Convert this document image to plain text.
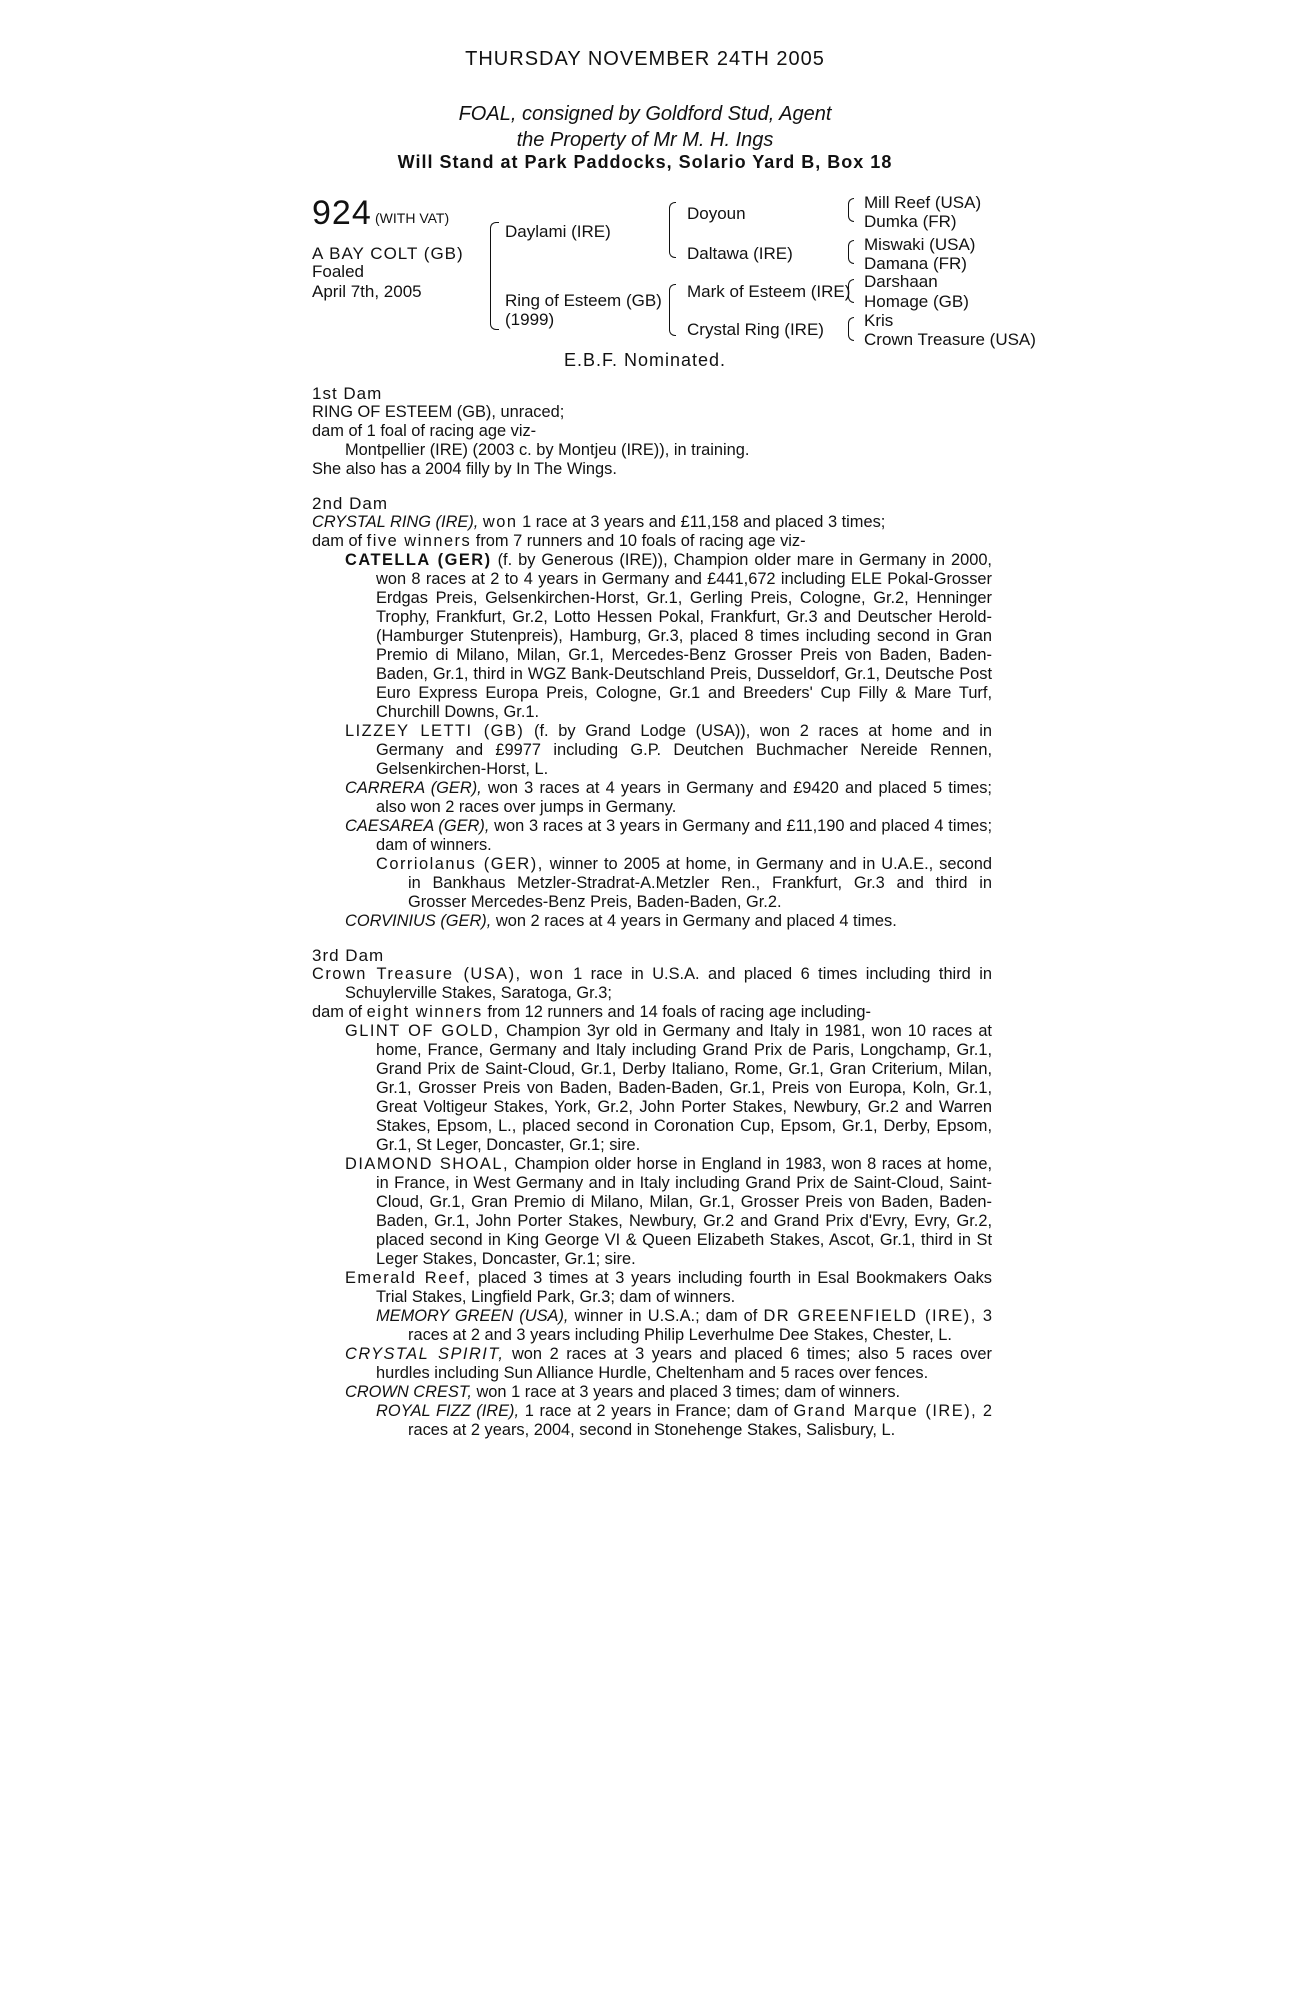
THURSDAY NOVEMBER 24TH 2005
FOAL, consigned by Goldford Stud, Agent
the Property of Mr M. H. Ings
Will Stand at Park Paddocks, Solario Yard B, Box 18
924 (WITH VAT)
A BAY COLT (GB)
Foaled
April 7th, 2005
Daylami (IRE)
Ring of Esteem (GB)
(1999)
Doyoun
Daltawa (IRE)
Mark of Esteem (IRE)
Crystal Ring (IRE)
Mill Reef (USA)
Dumka (FR)
Miswaki (USA)
Damana (FR)
Darshaan
Homage (GB)
Kris
Crown Treasure (USA)
E.B.F. Nominated.

1st Dam

RING OF ESTEEM (GB), unraced;

dam of 1 foal of racing age viz-

Montpellier (IRE) (2003 c. by Montjeu (IRE)), in training.

She also has a 2004 filly by In The Wings.

2nd Dam

CRYSTAL RING (IRE), won 1 race at 3 years and £11,158 and placed 3 times;

dam of five winners from 7 runners and 10 foals of racing age viz-

CATELLA (GER) (f. by Generous (IRE)), Champion older mare in Germany in 2000, won 8 races at 2 to 4 years in Germany and £441,672 including ELE Pokal-Grosser Erdgas Preis, Gelsenkirchen-Horst, Gr.1, Gerling Preis, Cologne, Gr.2, Henninger Trophy, Frankfurt, Gr.2, Lotto Hessen Pokal, Frankfurt, Gr.3 and Deutscher Herold-(Hamburger Stutenpreis), Hamburg, Gr.3, placed 8 times including second in Gran Premio di Milano, Milan, Gr.1, Mercedes-Benz Grosser Preis von Baden, Baden-Baden, Gr.1, third in WGZ Bank-Deutschland Preis, Dusseldorf, Gr.1, Deutsche Post Euro Express Europa Preis, Cologne, Gr.1 and Breeders' Cup Filly & Mare Turf, Churchill Downs, Gr.1.

LIZZEY LETTI (GB) (f. by Grand Lodge (USA)), won 2 races at home and in Germany and £9977 including G.P. Deutchen Buchmacher Nereide Rennen, Gelsenkirchen-Horst, L.

CARRERA (GER), won 3 races at 4 years in Germany and £9420 and placed 5 times; also won 2 races over jumps in Germany.

CAESAREA (GER), won 3 races at 3 years in Germany and £11,190 and placed 4 times; dam of winners.

Corriolanus (GER), winner to 2005 at home, in Germany and in U.A.E., second in Bankhaus Metzler-Stradrat-A.Metzler Ren., Frankfurt, Gr.3 and third in Grosser Mercedes-Benz Preis, Baden-Baden, Gr.2.

CORVINIUS (GER), won 2 races at 4 years in Germany and placed 4 times.

3rd Dam

Crown Treasure (USA), won 1 race in U.S.A. and placed 6 times including third in Schuylerville Stakes, Saratoga, Gr.3;

dam of eight winners from 12 runners and 14 foals of racing age including-

GLINT OF GOLD, Champion 3yr old in Germany and Italy in 1981, won 10 races at home, France, Germany and Italy including Grand Prix de Paris, Longchamp, Gr.1, Grand Prix de Saint-Cloud, Gr.1, Derby Italiano, Rome, Gr.1, Gran Criterium, Milan, Gr.1, Grosser Preis von Baden, Baden-Baden, Gr.1, Preis von Europa, Koln, Gr.1, Great Voltigeur Stakes, York, Gr.2, John Porter Stakes, Newbury, Gr.2 and Warren Stakes, Epsom, L., placed second in Coronation Cup, Epsom, Gr.1, Derby, Epsom, Gr.1, St Leger, Doncaster, Gr.1; sire.

DIAMOND SHOAL, Champion older horse in England in 1983, won 8 races at home, in France, in West Germany and in Italy including Grand Prix de Saint-Cloud, Saint-Cloud, Gr.1, Gran Premio di Milano, Milan, Gr.1, Grosser Preis von Baden, Baden-Baden, Gr.1, John Porter Stakes, Newbury, Gr.2 and Grand Prix d'Evry, Evry, Gr.2, placed second in King George VI & Queen Elizabeth Stakes, Ascot, Gr.1, third in St Leger Stakes, Doncaster, Gr.1; sire.

Emerald Reef, placed 3 times at 3 years including fourth in Esal Bookmakers Oaks Trial Stakes, Lingfield Park, Gr.3; dam of winners.

MEMORY GREEN (USA), winner in U.S.A.; dam of DR GREENFIELD (IRE), 3 races at 2 and 3 years including Philip Leverhulme Dee Stakes, Chester, L.

CRYSTAL SPIRIT, won 2 races at 3 years and placed 6 times; also 5 races over hurdles including Sun Alliance Hurdle, Cheltenham and 5 races over fences.

CROWN CREST, won 1 race at 3 years and placed 3 times; dam of winners.

ROYAL FIZZ (IRE), 1 race at 2 years in France; dam of Grand Marque (IRE), 2 races at 2 years, 2004, second in Stonehenge Stakes, Salisbury, L.
